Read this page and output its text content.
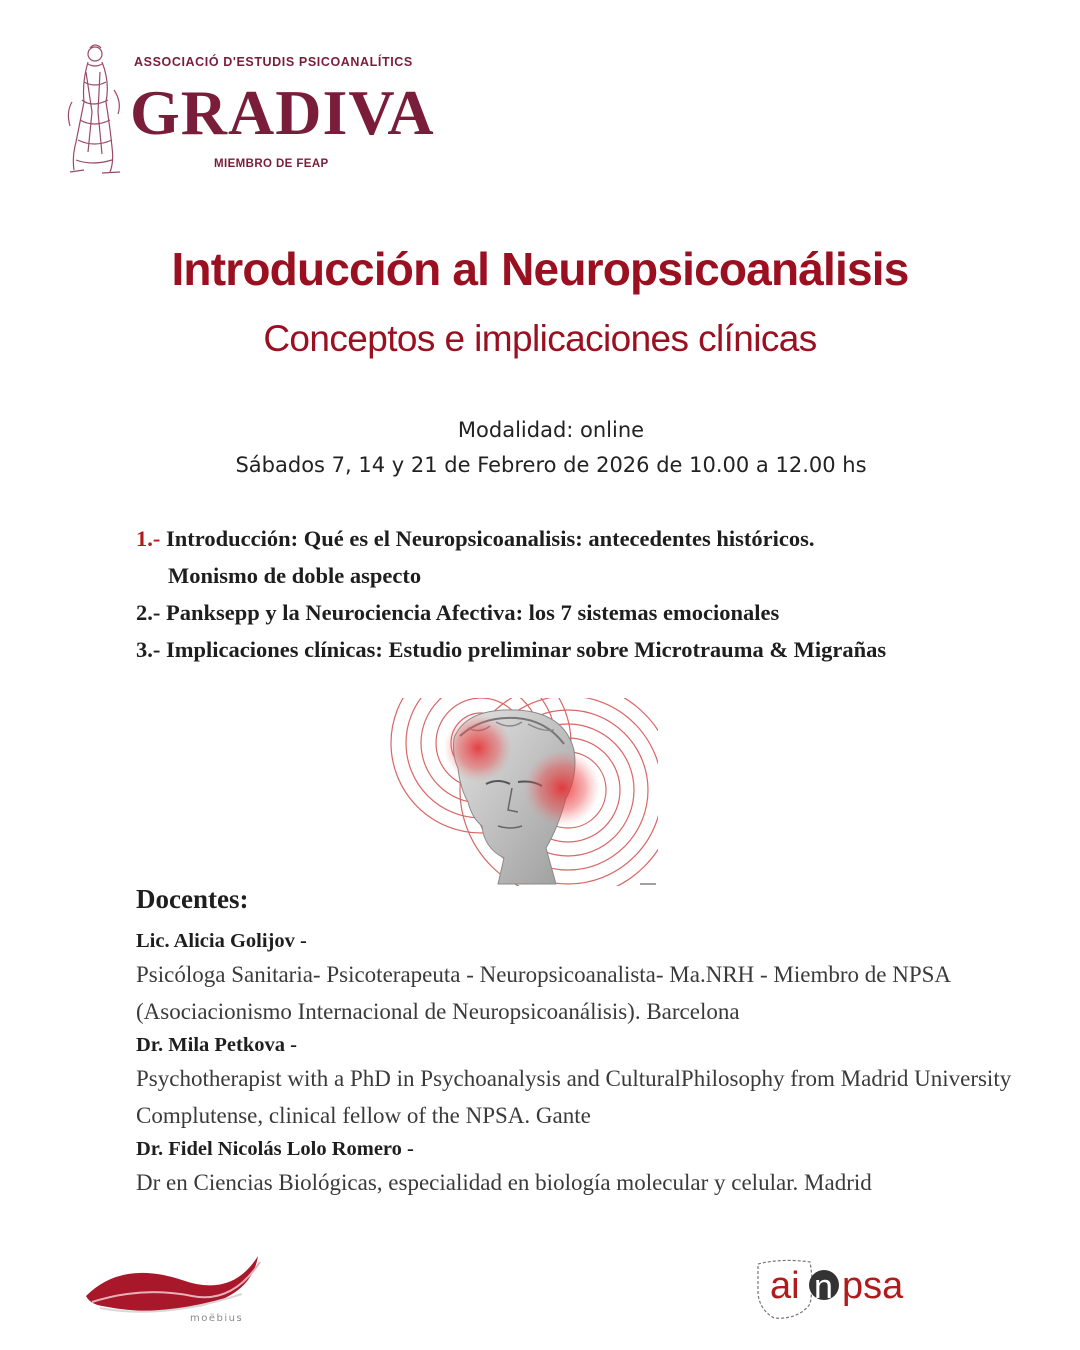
ASSOCIACIÓ D'ESTUDIS PSICOANALÍTICS
GRADIVA
MIEMBRO DE FEAP
Introducción al Neuropsicoanálisis
Conceptos e implicaciones clínicas
Modalidad: online
Sábados 7, 14 y 21 de Febrero de 2026 de 10.00 a 12.00 hs
1.- Introducción: Qué es el Neuropsicoanalisis: antecedentes históricos.
Monismo de doble aspecto
2.- Panksepp y la Neurociencia Afectiva: los 7 sistemas emocionales
3.- Implicaciones clínicas: Estudio preliminar sobre Microtrauma & Migrañas
Docentes:
Lic. Alicia Golijov -
Psicóloga Sanitaria- Psicoterapeuta - Neuropsicoanalista- Ma.NRH - Miembro de NPSA (Asociacionismo Internacional de Neuropsicoanálisis). Barcelona
Dr. Mila Petkova -
Psychotherapist with a PhD in Psychoanalysis and CulturalPhilosophy from Madrid University Complutense, clinical fellow of the NPSA. Gante
Dr. Fidel Nicolás Lolo Romero -
Dr en Ciencias Biológicas, especialidad en biología molecular y celular. Madrid
moëbius
ai n psa
